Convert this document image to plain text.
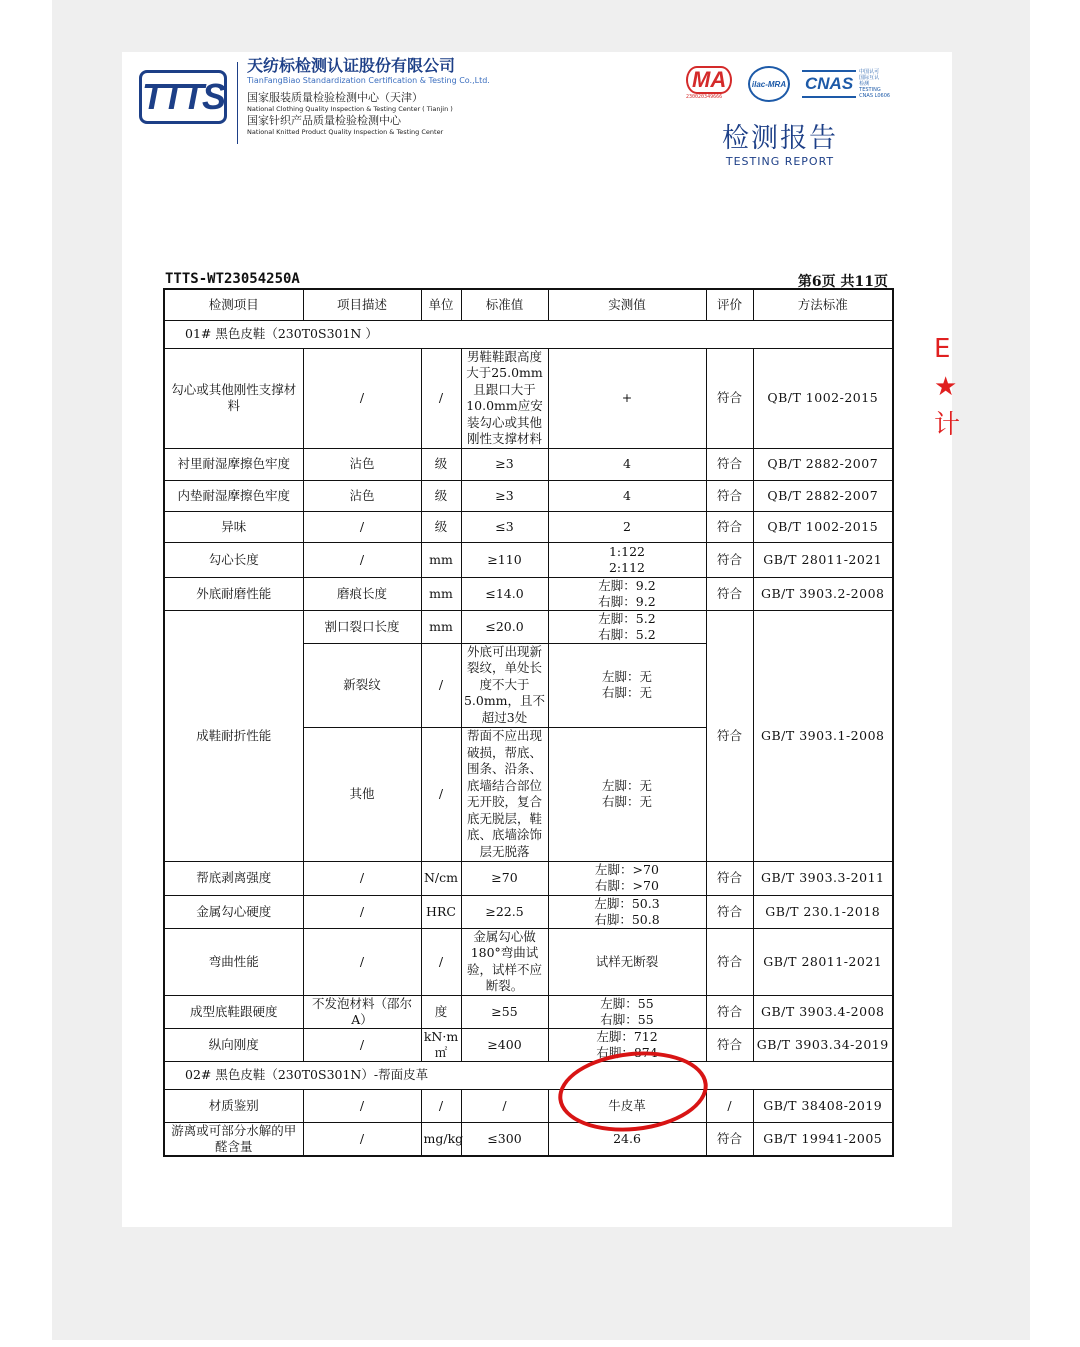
TTTS
天纺标检测认证股份有限公司
TianFangBiao Standardization Certification & Testing Co.,Ltd.
国家服装质量检验检测中心（天津）
National Clothing Quality Inspection & Testing Center ( Tianjin )
国家针织产品质量检验检测中心
National Knitted Product Quality Inspection & Testing Center
MA
230020349666
ilac-MRA CNAS
中国认可
国际互认
检测
TESTING
CNAS L0606
检测报告
TESTING REPORT
TTTS-WT23054250A	第6页 共11页
检测项目	项目描述	单位	标准值	实测值	评价	方法标准
01# 黑色皮鞋（230T0S301N ）						
勾心或其他刚性支撑材料	/	/	男鞋鞋跟高度大于25.0mm且跟口大于10.0mm应安装勾心或其他刚性支撑材料	+	符合	QB/T 1002-2015
衬里耐湿摩擦色牢度	沾色	级	≥3	4	符合	QB/T 2882-2007
内垫耐湿摩擦色牢度	沾色	级	≥3	4	符合	QB/T 2882-2007
异味	/	级	≤3	2	符合	QB/T 1002-2015
勾心长度	/	mm	≥110	1:122
2:112	符合	GB/T 28011-2021
外底耐磨性能	磨痕长度	mm	≤14.0	左脚：9.2
右脚：9.2	符合	GB/T 3903.2-2008
成鞋耐折性能	割口裂口长度	mm	≤20.0	左脚：5.2
右脚：5.2	符合	GB/T 3903.1-2008
	新裂纹	/	外底可出现新裂纹，单处长度不大于5.0mm，且不超过3处	左脚：无
右脚：无		
	其他	/	帮面不应出现破损，帮底、围条、沿条、底墙结合部位无开胶，复合底无脱层，鞋底、底墙涂饰层无脱落	左脚：无
右脚：无		
帮底剥离强度	/	N/cm	≥70	左脚：>70
右脚：>70	符合	GB/T 3903.3-2011
金属勾心硬度	/	HRC	≥22.5	左脚：50.3
右脚：50.8	符合	GB/T 230.1-2018
弯曲性能	/	/	金属勾心做180°弯曲试验，试样不应断裂。	试样无断裂	符合	GB/T 28011-2021
成型底鞋跟硬度	不发泡材料（邵尔A）	度	≥55	左脚：55
右脚：55	符合	GB/T 3903.4-2008
纵向刚度	/	kN·m㎡	≥400	左脚：712
右脚：874	符合	GB/T 3903.34-2019
02# 黑色皮鞋（230T0S301N）-帮面皮革						
材质鉴别	/	/	/	牛皮革	/	GB/T 38408-2019
游离或可部分水解的甲醛含量	/	mg/kg	≤300	24.6	符合	GB/T 19941-2005
E
★
计
